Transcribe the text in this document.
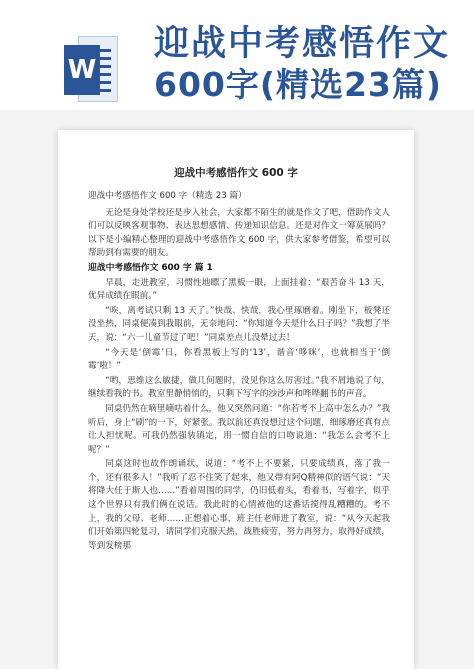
W
迎战中考感悟作文
600字(精选23篇)
迎战中考感悟作文 600 字

迎战中考感悟作文 600 字（精选 23 篇）

无论是身处学校还是步入社会，大家都不陌生的就是作文了吧，借助作文人们可以反映客观事物、表达思想感情、传递知识信息。还是对作文一筹莫展吗？以下是小编精心整理的迎战中考感悟作文 600 字，供大家参考借鉴，希望可以帮助到有需要的朋友。

迎战中考感悟作文 600 字 篇 1

早晨，走进教室，习惯性地瞟了黑板一眼，上面挂着：“艰苦奋斗 13 天，优异成绩在眼前。”

“唉，离考试只剩 13 天了。”快哉、快哉，我心里琢磨着。刚坐下，板凳还没坐热，同桌便凑到我眼前，无奈地问：“你知道今天是什么日子吗？”我想了半天，说：“六一儿童节过了吧！”同桌差点儿没晕过去！

“今天是‘倒霉’日，你看黑板上写的‘13’，谐音‘哆咪’，也就相当于‘倒霉’啦！”

“哟，思维这么敏捷，做几何题时，没见你这么厉害过。”我不屑地说了句，继续看我的书。教室里静悄悄的，只剩下写字的沙沙声和哗哗翻书的声音。

同桌仍然在嘀里嘀咕着什么，他又突然问道：“你若考不上高中怎么办？”我听后，身上“刷”的一下，好紧张。我以前还真没想过这个问题，细琢磨还真有点让人担忧呢。可我仍然强装镇定，用一惯自信的口吻说道：“我怎么会考不上呢？”

同桌这时也故作朗诵状，说道：“考不上不要紧，只要成绩真，落了我一个，还有很多人！”我听了忍不住笑了起来，他又带有阿Q精神似的语气说：“天将降大任于斯人也……”看着周围的同学，仍旧低着头，看着书，写着字，似乎这个世界只有我们俩在说话。我此时的心情被他的这番话搅得乱糟糟的。考不上，我的父母、老师……正想着心事，班主任老师进了教室，说：“从今天起我们开始第四轮复习，请同学们克服天热，战胜疲劳，努力再努力，取得好成绩，等到发榜那
